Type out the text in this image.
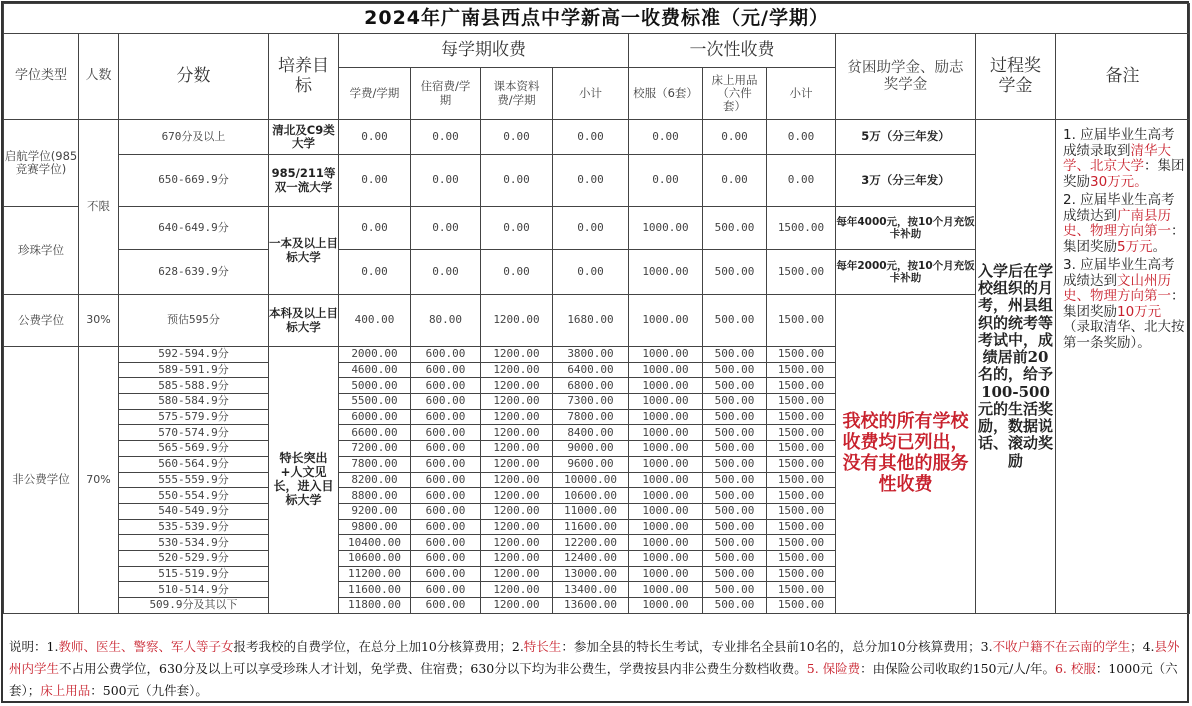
2024年广南县西点中学新高一收费标准（元/学期）													
学位类型	人数	分数	培养目标	每学期收费				一次性收费			贫困助学金、励志奖学金	过程奖学金	备注
				学费/学期	住宿费/学期	课本资料费/学期	小计	校服（6套）	床上用品（六件套）	小计			
启航学位(985竞赛学位)	不限	670分及以上	清北及C9类大学	0.00	0.00	0.00	0.00	0.00	0.00	0.00	5万（分三年发）	入学后在学校组织的月考，州县组织的统考等考试中，成绩居前20名的，给予100-500元的生活奖励，数据说话、滚动奖励	1. 应届毕业生高考成绩录取到清华大学、北京大学：集团奖励30万元。

2. 应届毕业生高考成绩达到广南县历史、物理方向第一：集团奖励5万元。

3. 应届毕业生高考成绩达到文山州历史、物理方向第一：集团奖励10万元（录取清华、北大按第一条奖励）。

		650-669.9分	985/211等双一流大学	0.00	0.00	0.00	0.00	0.00	0.00	0.00	3万（分三年发）		
珍珠学位		640-649.9分	一本及以上目标大学	0.00	0.00	0.00	0.00	1000.00	500.00	1500.00	每年4000元，按10个月充饭卡补助		
		628-639.9分		0.00	0.00	0.00	0.00	1000.00	500.00	1500.00	每年2000元，按10个月充饭卡补助		
公费学位	30%	预估595分	本科及以上目标大学	400.00	80.00	1200.00	1680.00	1000.00	500.00	1500.00	我校的所有学校收费均已列出，没有其他的服务性收费		
非公费学位	70%	592-594.9分	特长突出+人文见长，进入目标大学	2000.00	600.00	1200.00	3800.00	1000.00	500.00	1500.00			
		589-591.9分		4600.00	600.00	1200.00	6400.00	1000.00	500.00	1500.00			
		585-588.9分		5000.00	600.00	1200.00	6800.00	1000.00	500.00	1500.00			
		580-584.9分		5500.00	600.00	1200.00	7300.00	1000.00	500.00	1500.00			
		575-579.9分		6000.00	600.00	1200.00	7800.00	1000.00	500.00	1500.00			
		570-574.9分		6600.00	600.00	1200.00	8400.00	1000.00	500.00	1500.00			
		565-569.9分		7200.00	600.00	1200.00	9000.00	1000.00	500.00	1500.00			
		560-564.9分		7800.00	600.00	1200.00	9600.00	1000.00	500.00	1500.00			
		555-559.9分		8200.00	600.00	1200.00	10000.00	1000.00	500.00	1500.00			
		550-554.9分		8800.00	600.00	1200.00	10600.00	1000.00	500.00	1500.00			
		540-549.9分		9200.00	600.00	1200.00	11000.00	1000.00	500.00	1500.00			
		535-539.9分		9800.00	600.00	1200.00	11600.00	1000.00	500.00	1500.00			
		530-534.9分		10400.00	600.00	1200.00	12200.00	1000.00	500.00	1500.00			
		520-529.9分		10600.00	600.00	1200.00	12400.00	1000.00	500.00	1500.00			
		515-519.9分		11200.00	600.00	1200.00	13000.00	1000.00	500.00	1500.00			
		510-514.9分		11600.00	600.00	1200.00	13400.00	1000.00	500.00	1500.00			
		509.9分及其以下		11800.00	600.00	1200.00	13600.00	1000.00	500.00	1500.00			
说明：1.教师、医生、警察、军人等子女报考我校的自费学位，在总分上加10分核算费用；2.特长生：参加全县的特长生考试，专业排名全县前10名的，总分加10分核算费用；3.不收户籍不在云南的学生；4.县外州内学生不占用公费学位，630分及以上可以享受珍珠人才计划，免学费、住宿费；630分以下均为非公费生，学费按县内非公费生分数档收费。5. 保险费：由保险公司收取约150元/人/年。6. 校服：1000元（六套）；床上用品：500元（九件套）。
